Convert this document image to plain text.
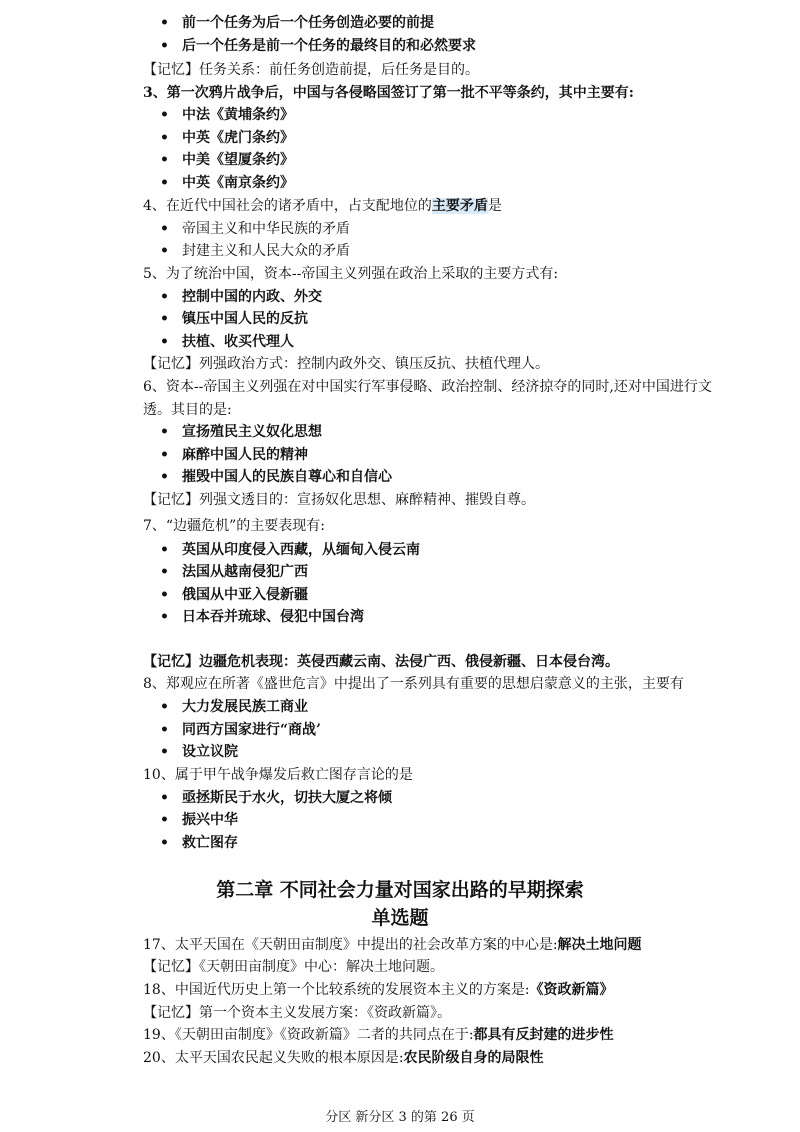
• 前一个任务为后一个任务创造必要的前提
• 后一个任务是前一个任务的最终目的和必然要求
【记忆】任务关系：前任务创造前提，后任务是目的。
3、第一次鸦片战争后，中国与各侵略国签订了第一批不平等条约，其中主要有:
• 中法《黄埔条约》
• 中英《虎门条约》
• 中美《望厦条约》
• 中英《南京条约》
4、在近代中国社会的诸矛盾中，占支配地位的主要矛盾是
• 帝国主义和中华民族的矛盾
• 封建主义和人民大众的矛盾
5、为了统治中国，资本--帝国主义列强在政治上采取的主要方式有:
• 控制中国的内政、外交
• 镇压中国人民的反抗
• 扶植、收买代理人
【记忆】列强政治方式：控制内政外交、镇压反抗、扶植代理人。
6、资本--帝国主义列强在对中国实行军事侵略、政治控制、经济掠夺的同时,还对中国进行文
透。其目的是:
• 宣扬殖民主义奴化思想
• 麻醉中国人民的精神
• 摧毁中国人的民族自尊心和自信心
【记忆】列强文透目的：宣扬奴化思想、麻醉精神、摧毁自尊。
7、“边疆危机”的主要表现有:
• 英国从印度侵入西藏，从缅甸入侵云南
• 法国从越南侵犯广西
• 俄国从中亚入侵新疆
• 日本吞并琉球、侵犯中国台湾
【记忆】边疆危机表现：英侵西藏云南、法侵广西、俄侵新疆、日本侵台湾。
8、郑观应在所著《盛世危言》中提出了一系列具有重要的思想启蒙意义的主张，主要有
• 大力发展民族工商业
• 同西方国家进行“商战’
• 设立议院
10、属于甲午战争爆发后救亡图存言论的是
• 亟拯斯民于水火，切扶大厦之将倾
• 振兴中华
• 救亡图存
第二章 不同社会力量对国家出路的早期探索
单选题
17、太平天国在《天朝田亩制度》中提出的社会改革方案的中心是:解决土地问题
【记忆】《天朝田亩制度》中心：解决土地问题。
18、中国近代历史上第一个比较系统的发展资本主义的方案是:《资政新篇》
【记忆】第一个资本主义发展方案：《资政新篇》。
19、《天朝田亩制度》《资政新篇》二者的共同点在于:都具有反封建的进步性
20、太平天国农民起义失败的根本原因是:农民阶级自身的局限性
分区 新分区 3 的第 26 页
